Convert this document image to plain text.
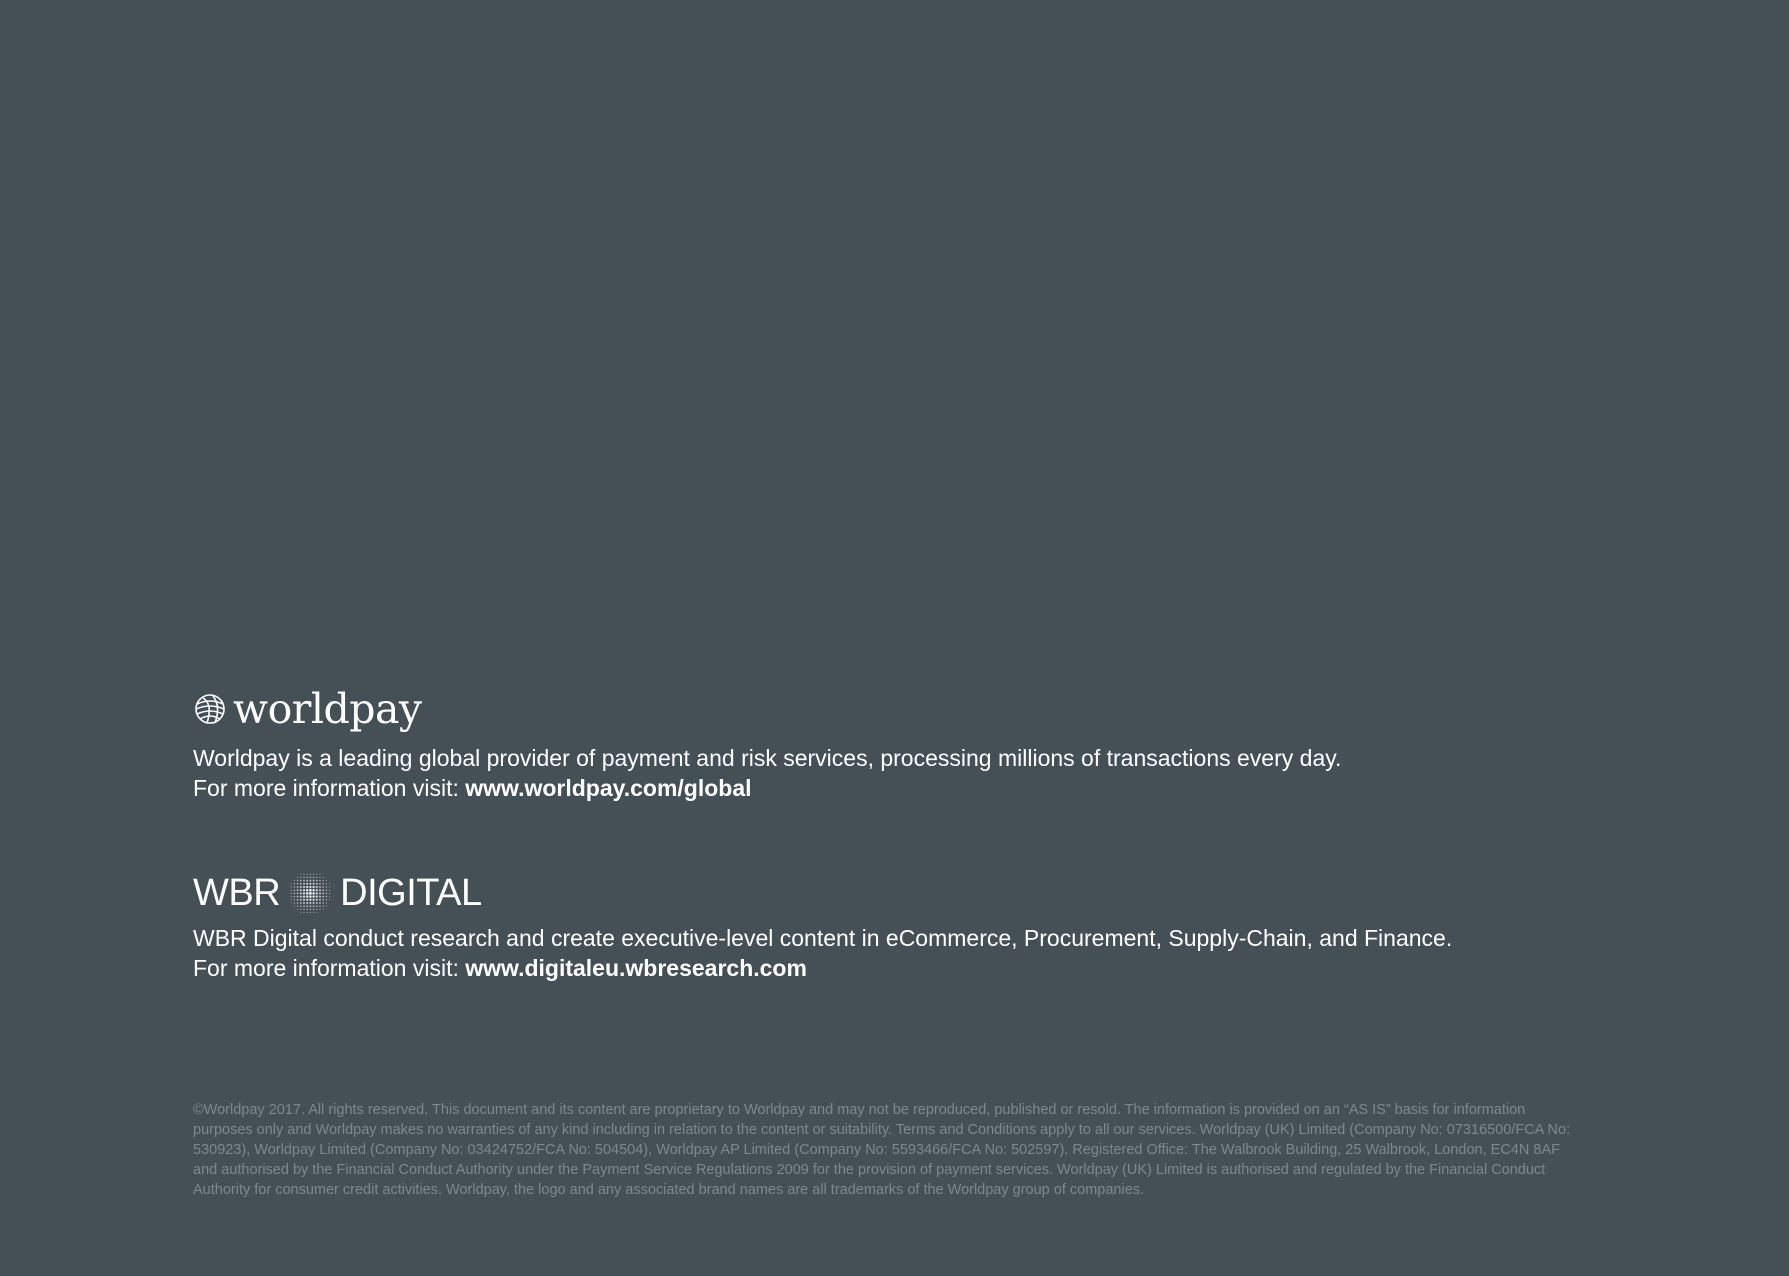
worldpay
Worldpay is a leading global provider of payment and risk services, processing millions of transactions every day.
For more information visit: www.worldpay.com/global
WBR DIGITAL
WBR Digital conduct research and create executive-level content in eCommerce, Procurement, Supply-Chain, and Finance.
For more information visit: www.digitaleu.wbresearch.com
©Worldpay 2017. All rights reserved. This document and its content are proprietary to Worldpay and may not be reproduced, published or resold. The information is provided on an “AS IS” basis for information purposes only and Worldpay makes no warranties of any kind including in relation to the content or suitability. Terms and Conditions apply to all our services. Worldpay (UK) Limited (Company No: 07316500/FCA No: 530923), Worldpay Limited (Company No: 03424752/FCA No: 504504), Worldpay AP Limited (Company No: 5593466/FCA No: 502597). Registered Office: The Walbrook Building, 25 Walbrook, London, EC4N 8AF and authorised by the Financial Conduct Authority under the Payment Service Regulations 2009 for the provision of payment services. Worldpay (UK) Limited is authorised and regulated by the Financial Conduct Authority for consumer credit activities. Worldpay, the logo and any associated brand names are all trademarks of the Worldpay group of companies.
